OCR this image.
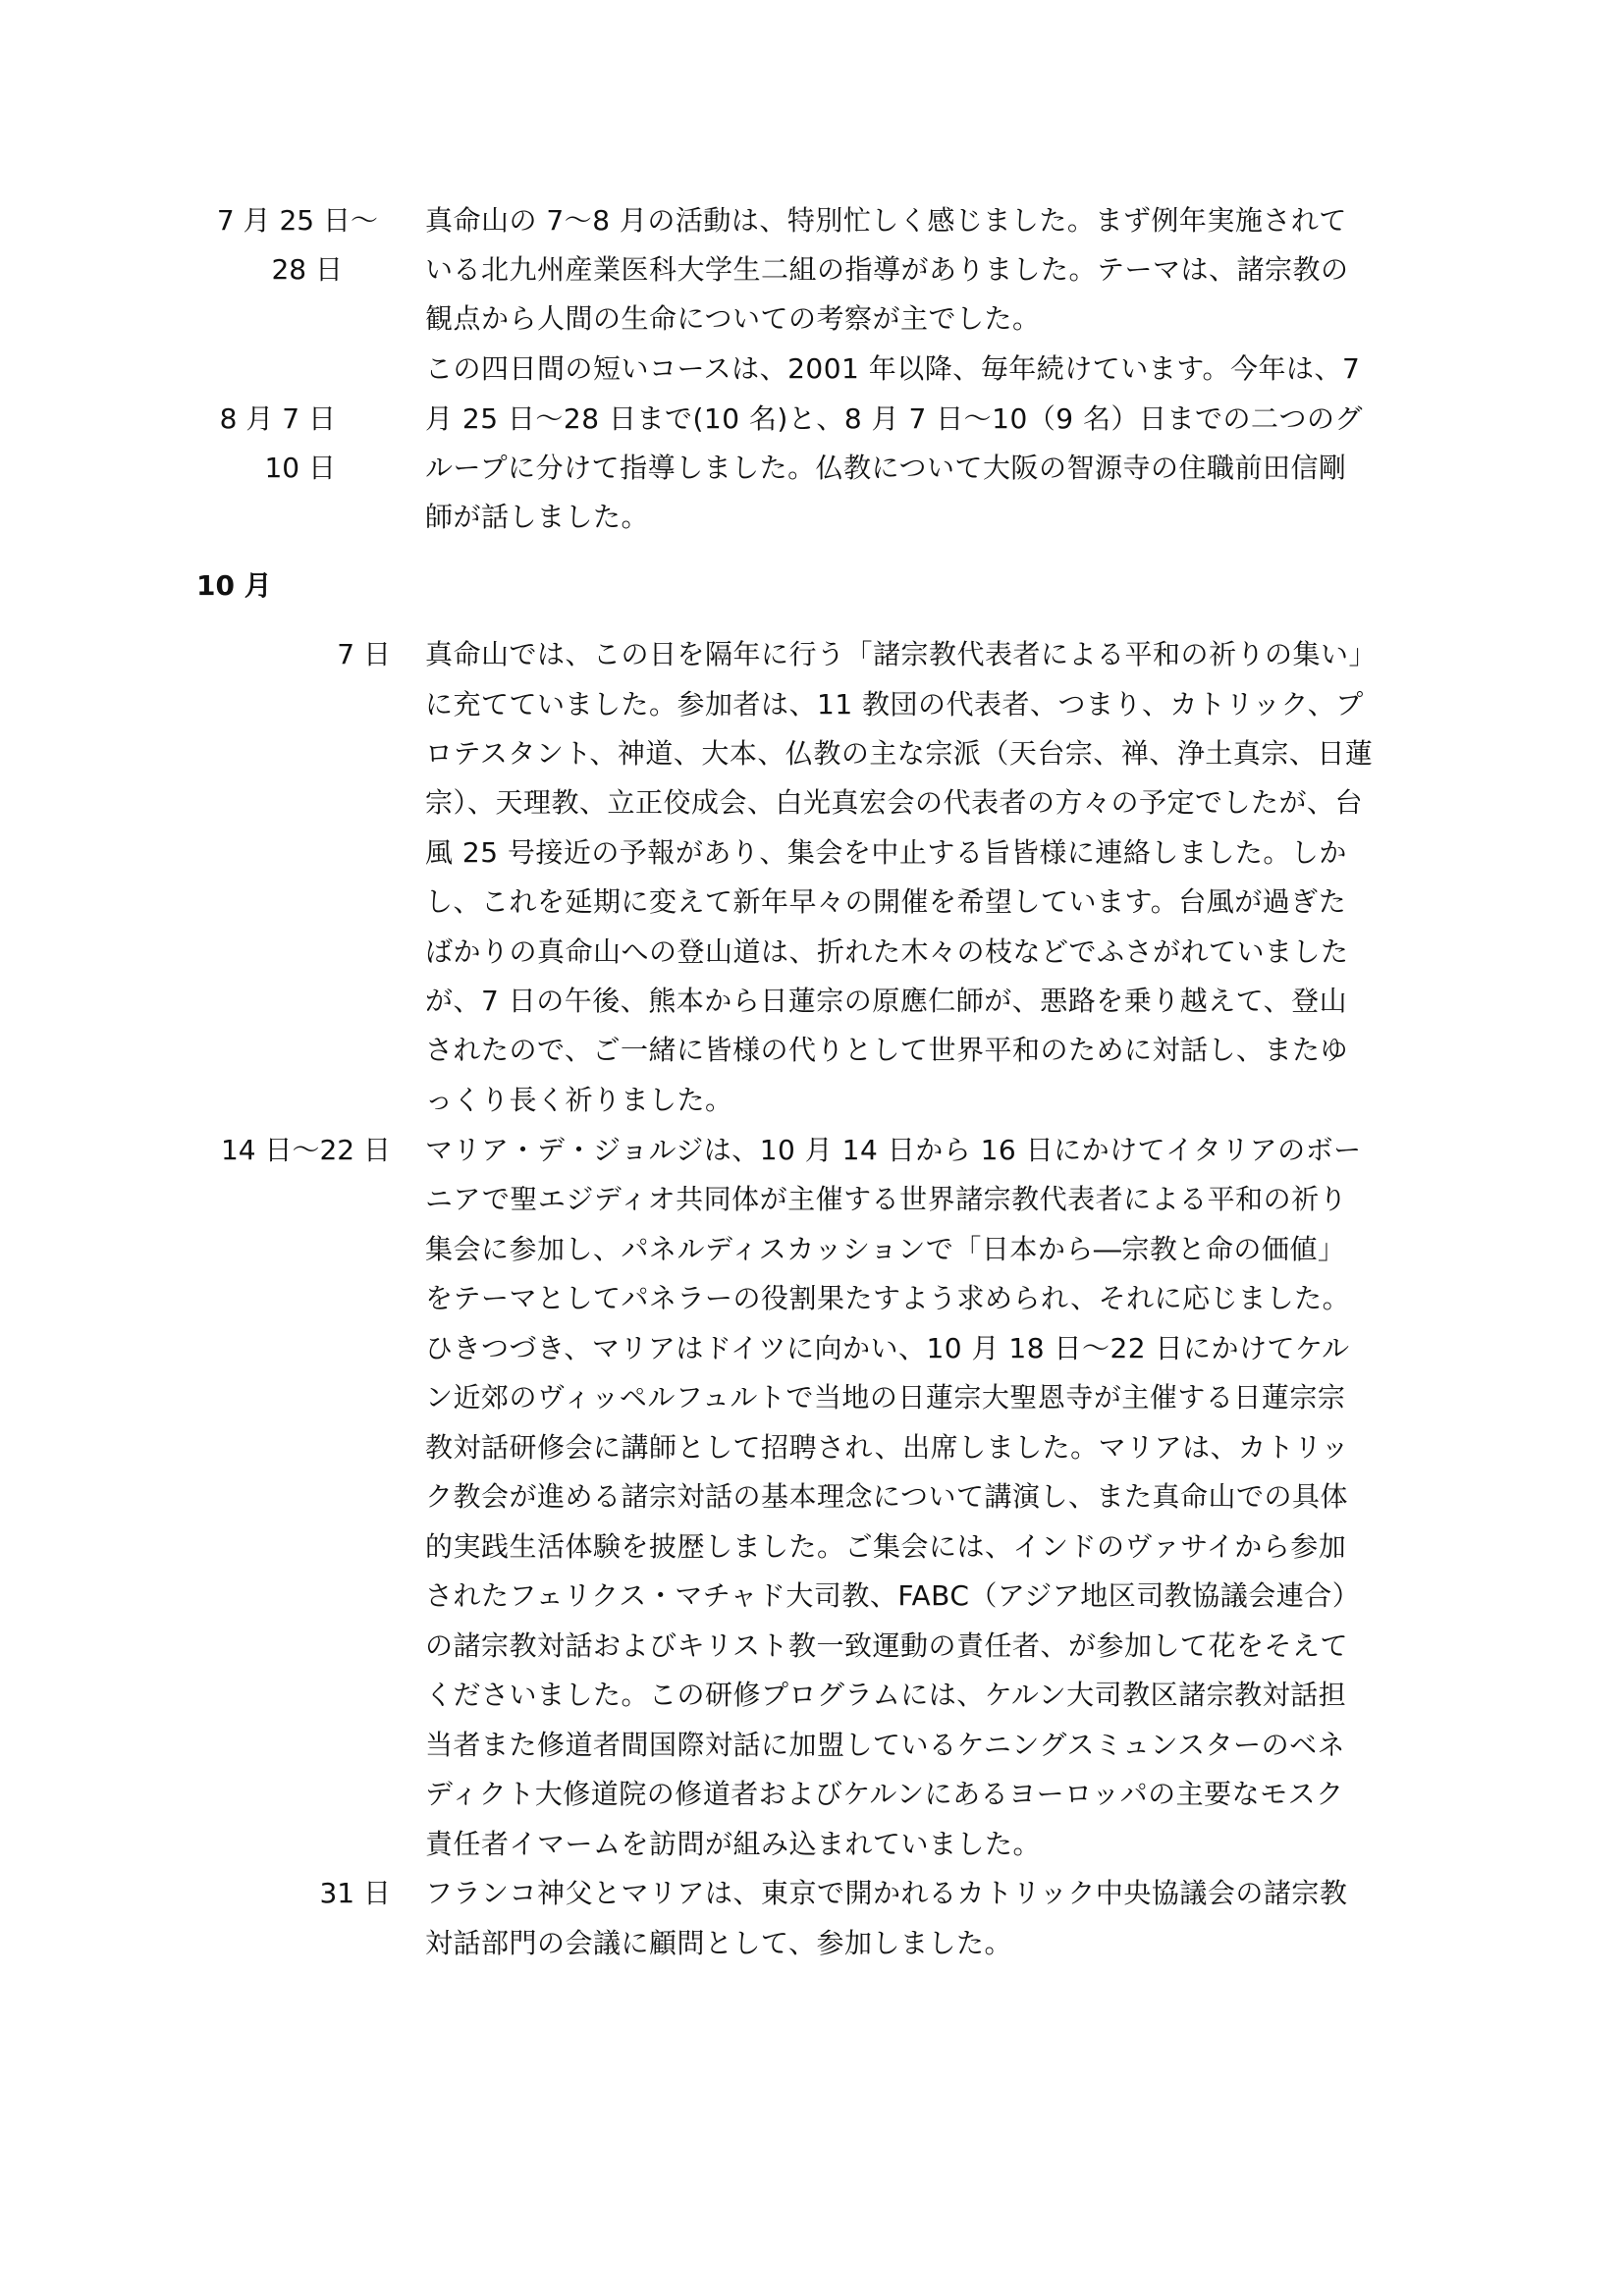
7 月 25 日～
28 日
8 月 7 日
10 日
真命山の 7～8 月の活動は、特別忙しく感じました。まず例年実施されて
いる北九州産業医科大学生二組の指導がありました。テーマは、諸宗教の
観点から人間の生命についての考察が主でした。
この四日間の短いコースは、2001 年以降、毎年続けています。今年は、7
月 25 日～28 日まで(10 名)と、8 月 7 日～10（9 名）日までの二つのグ
ループに分けて指導しました。仏教について大阪の智源寺の住職前田信剛
師が話しました。
10 月
7 日 真命山では、この日を隔年に行う「諸宗教代表者による平和の祈りの集い」
に充てていました。参加者は、11 教団の代表者、つまり、カトリック、プ
ロテスタント、神道、大本、仏教の主な宗派（天台宗、禅、浄土真宗、日蓮
宗）、天理教、立正佼成会、白光真宏会の代表者の方々の予定でしたが、台
風 25 号接近の予報があり、集会を中止する旨皆様に連絡しました。しか
し、これを延期に変えて新年早々の開催を希望しています。台風が過ぎた
ばかりの真命山への登山道は、折れた木々の枝などでふさがれていました
が、7 日の午後、熊本から日蓮宗の原應仁師が、悪路を乗り越えて、登山
されたので、ご一緒に皆様の代りとして世界平和のために対話し、またゆ
っくり長く祈りました。
14 日～22 日 マリア・デ・ジョルジは、10 月 14 日から 16 日にかけてイタリアのボー
ニアで聖エジディオ共同体が主催する世界諸宗教代表者による平和の祈り
集会に参加し、パネルディスカッションで「日本から―宗教と命の価値」
をテーマとしてパネラーの役割果たすよう求められ、それに応じました。
ひきつづき、マリアはドイツに向かい、10 月 18 日～22 日にかけてケル
ン近郊のヴィッペルフュルトで当地の日蓮宗大聖恩寺が主催する日蓮宗宗
教対話研修会に講師として招聘され、出席しました。マリアは、カトリッ
ク教会が進める諸宗対話の基本理念について講演し、また真命山での具体
的実践生活体験を披歴しました。ご集会には、インドのヴァサイから参加
されたフェリクス・マチャド大司教、FABC（アジア地区司教協議会連合）
の諸宗教対話およびキリスト教一致運動の責任者、が参加して花をそえて
くださいました。この研修プログラムには、ケルン大司教区諸宗教対話担
当者また修道者間国際対話に加盟しているケニングスミュンスターのベネ
ディクト大修道院の修道者およびケルンにあるヨーロッパの主要なモスク
責任者イマームを訪問が組み込まれていました。
31 日 フランコ神父とマリアは、東京で開かれるカトリック中央協議会の諸宗教
対話部門の会議に顧問として、参加しました。
